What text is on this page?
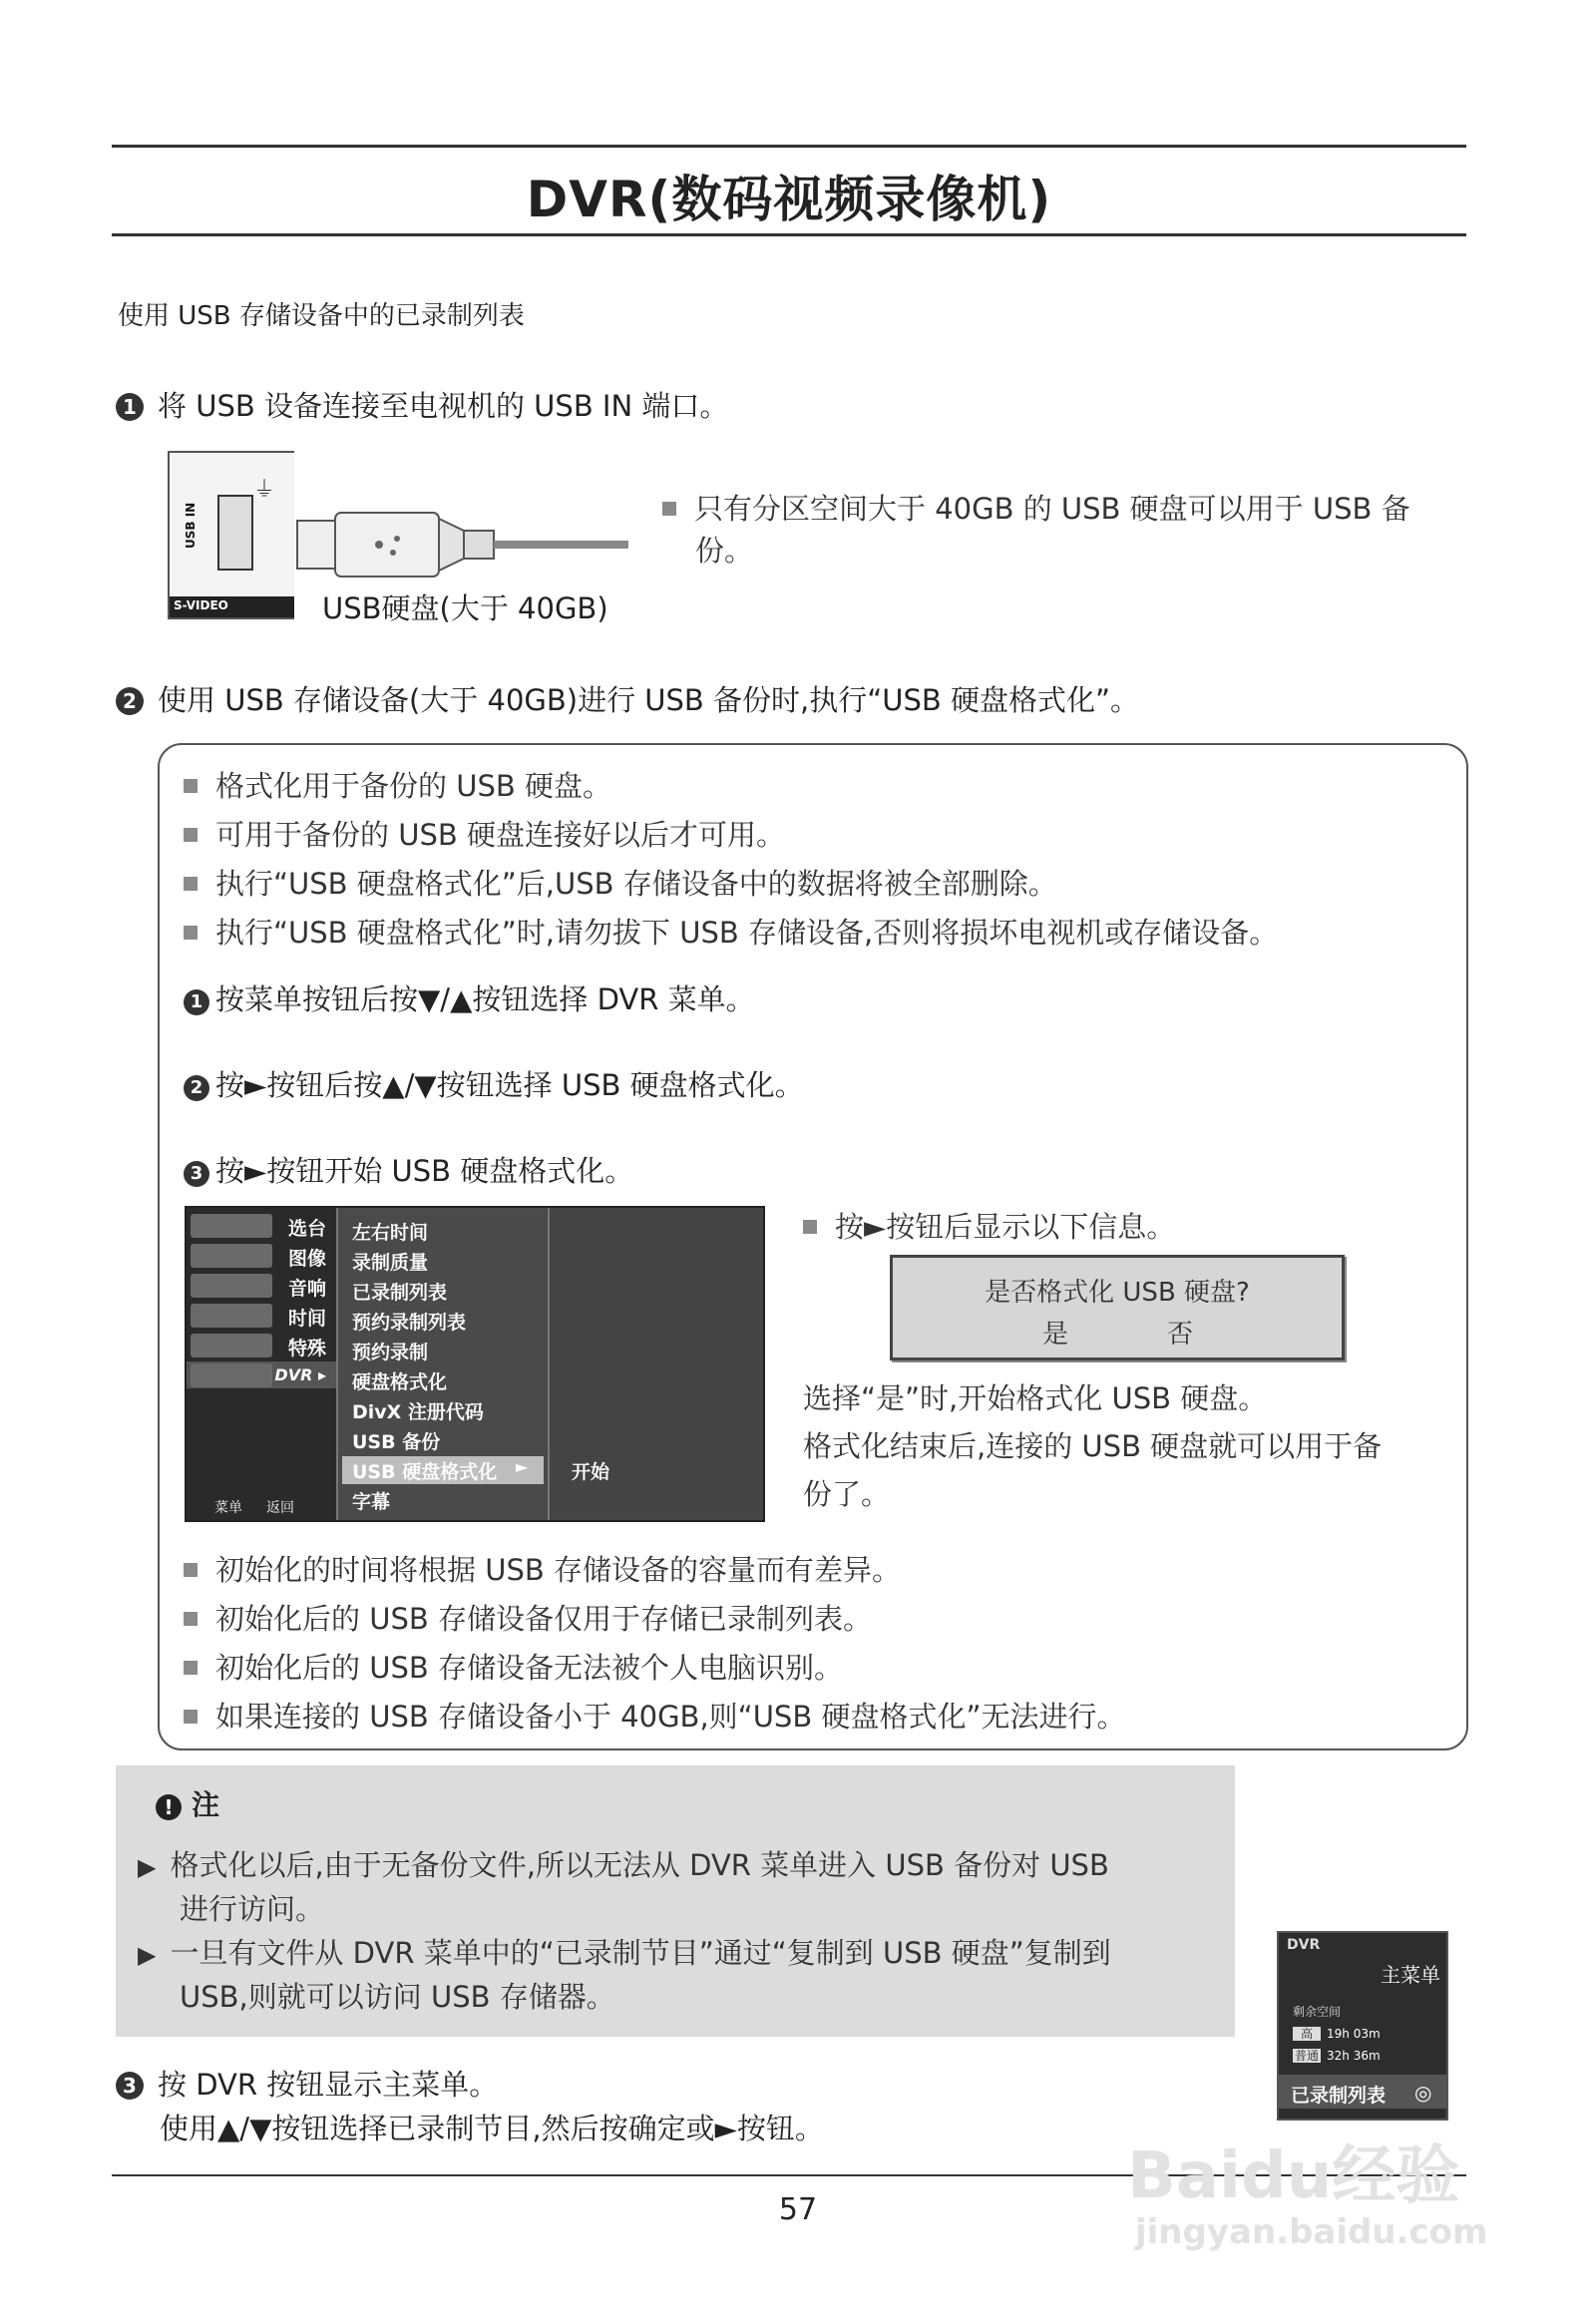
DVR(数码视频录像机)
使用 USB 存储设备中的已录制列表
1 将 USB 设备连接至电视机的 USB IN 端口。
USB IN
⏚
S-VIDEO	USB硬盘(大于 40GB)
只有分区空间大于 40GB 的 USB 硬盘可以用于 USB 备
份。
2 使用 USB 存储设备(大于 40GB)进行 USB 备份时,执行“USB 硬盘格式化”。
格式化用于备份的 USB 硬盘。
可用于备份的 USB 硬盘连接好以后才可用。
执行“USB 硬盘格式化”后,USB 存储设备中的数据将被全部删除。
执行“USB 硬盘格式化”时,请勿拔下 USB 存储设备,否则将损坏电视机或存储设备。
1 按菜单按钮后按▼/▲按钮选择 DVR 菜单。
2 按►按钮后按▲/▼按钮选择 USB 硬盘格式化。
3 按►按钮开始 USB 硬盘格式化。
选台
图像
音响
时间
特殊
DVR ▸
菜单 返回
左右时间
录制质量
已录制列表
预约录制列表
预约录制
硬盘格式化
DivX 注册代码
USB 备份
USB 硬盘格式化 ►
字幕
开始
按►按钮后显示以下信息。
是否格式化 USB 硬盘?
是	否
选择“是”时,开始格式化 USB 硬盘。
格式化结束后,连接的 USB 硬盘就可以用于备
份了。
初始化的时间将根据 USB 存储设备的容量而有差异。
初始化后的 USB 存储设备仅用于存储已录制列表。
初始化后的 USB 存储设备无法被个人电脑识别。
如果连接的 USB 存储设备小于 40GB,则“USB 硬盘格式化”无法进行。
! 注
▶ 格式化以后,由于无备份文件,所以无法从 DVR 菜单进入 USB 备份对 USB
进行访问。
▶ 一旦有文件从 DVR 菜单中的“已录制节目”通过“复制到 USB 硬盘”复制到
USB,则就可以访问 USB 存储器。
3 按 DVR 按钮显示主菜单。
使用▲/▼按钮选择已录制节目,然后按确定或►按钮。
DVR
主菜单
剩余空间
高 19h 03m
普通 32h 36m
已录制列表 ◎
57	Baidu经验
jingyan.baidu.com
